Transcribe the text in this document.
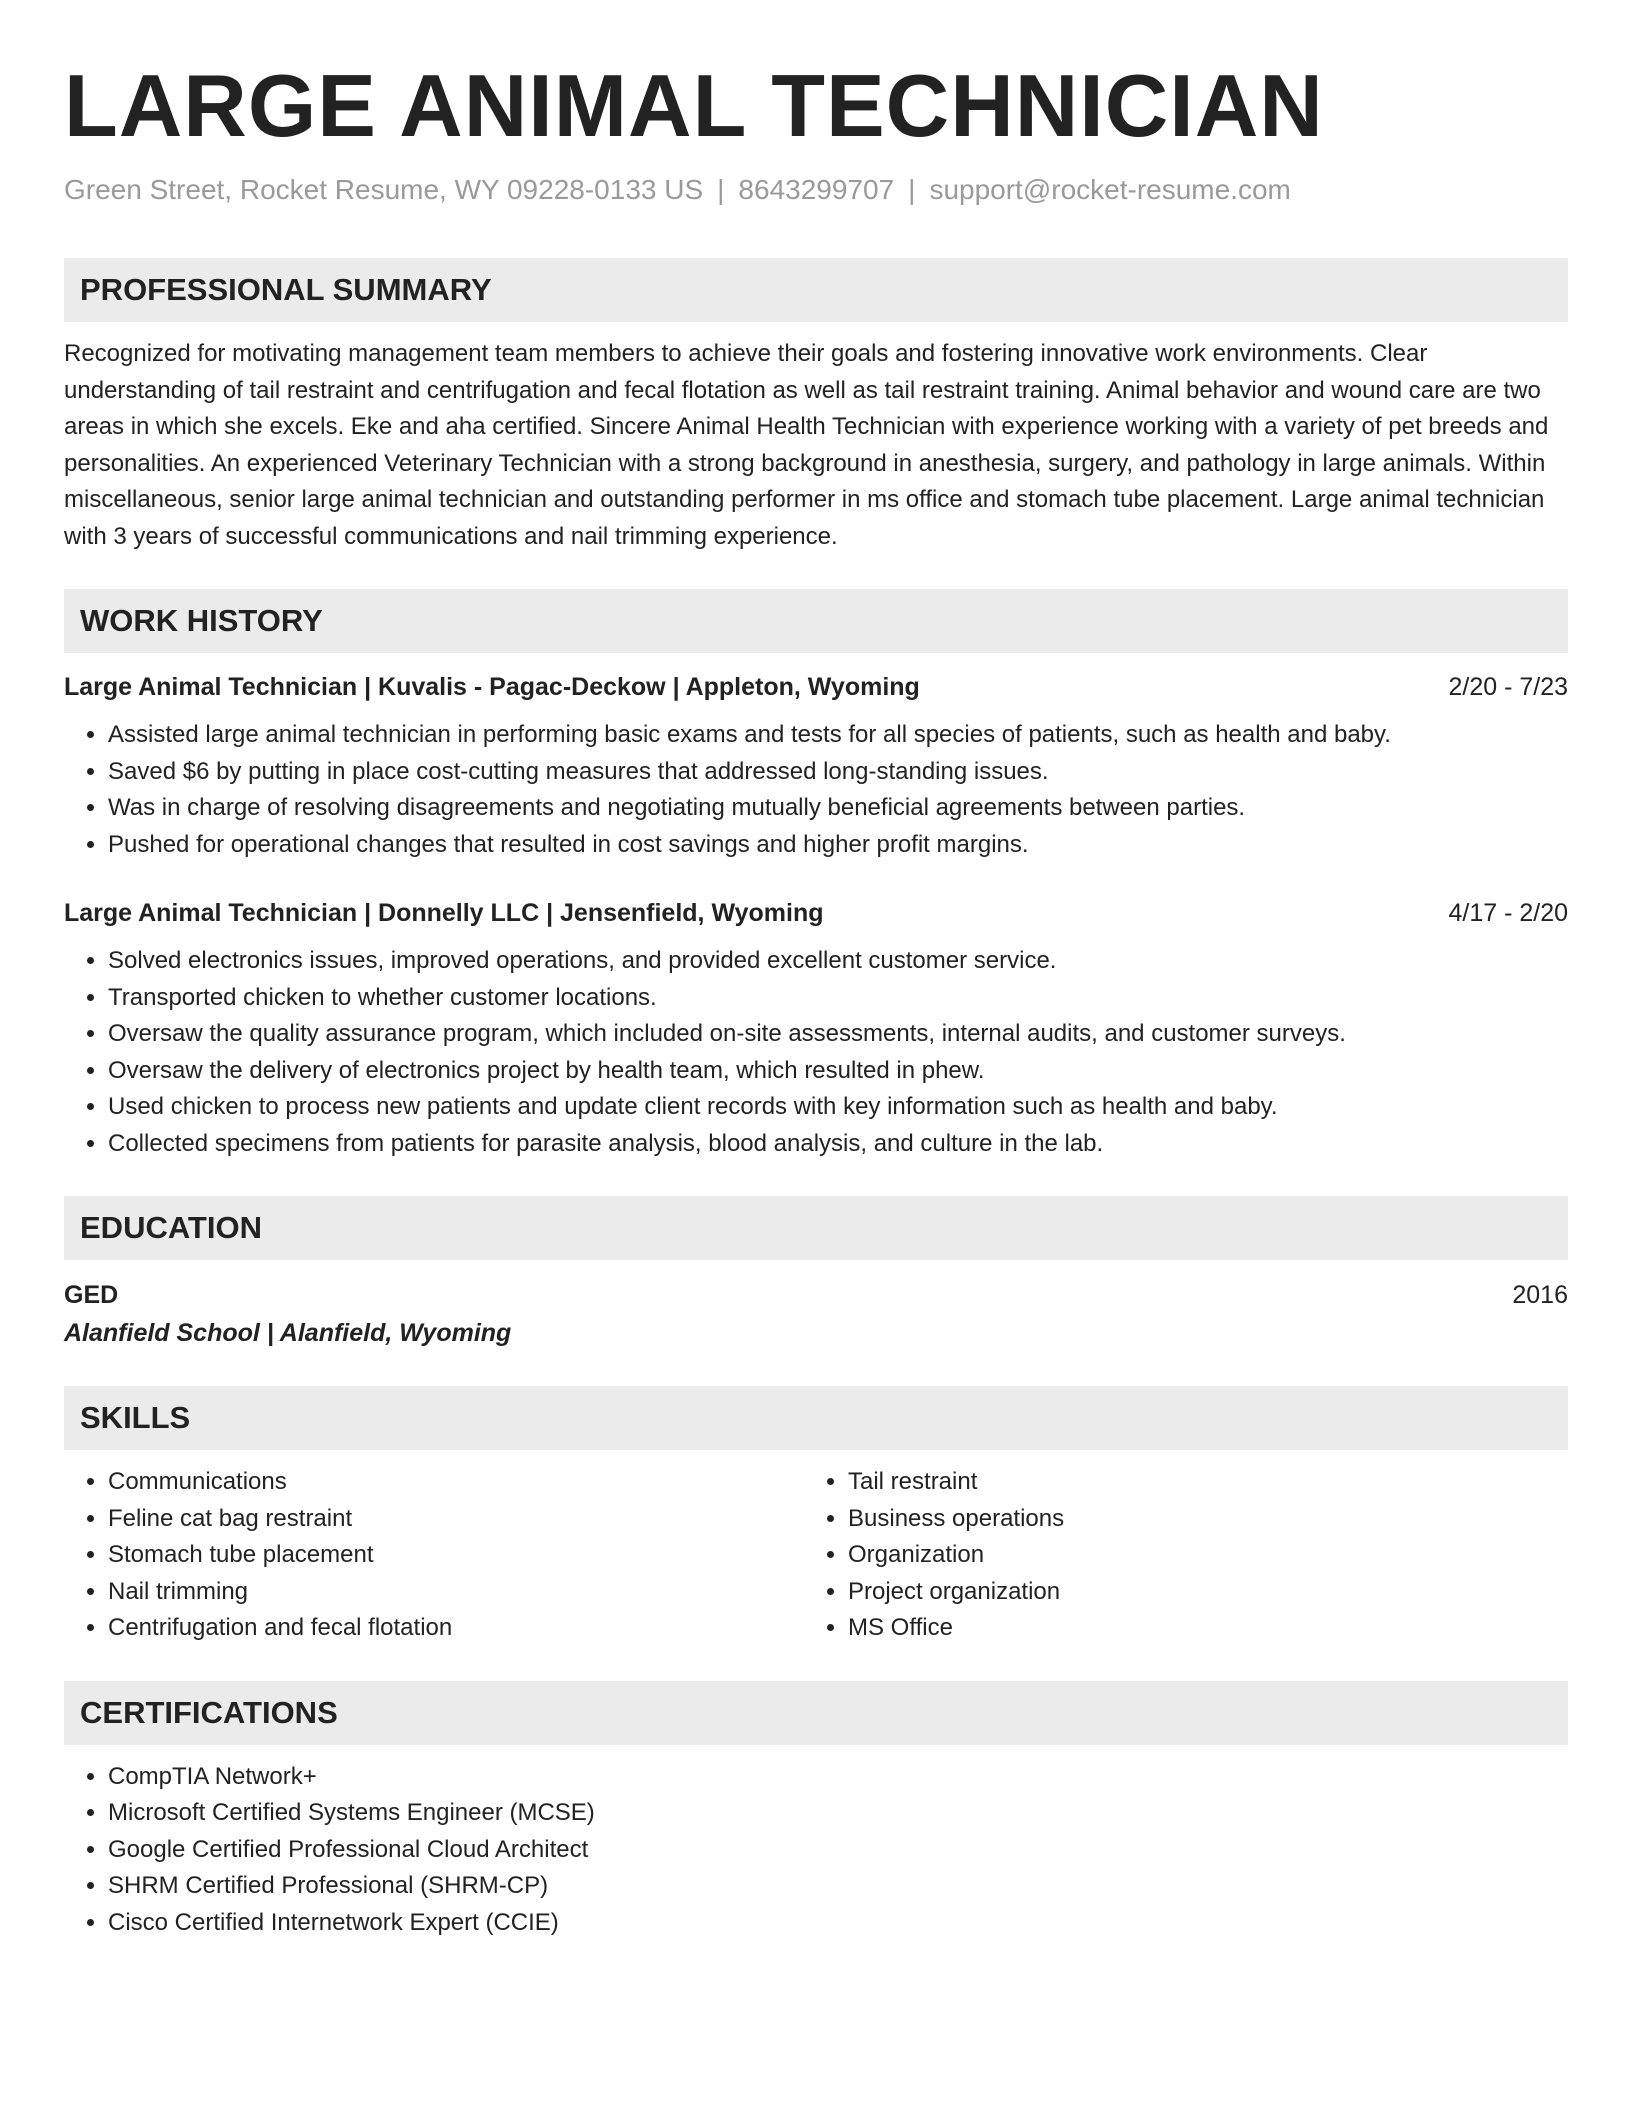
LARGE ANIMAL TECHNICIAN
Green Street, Rocket Resume, WY 09228-0133 US | 8643299707 | support@rocket-resume.com
PROFESSIONAL SUMMARY
Recognized for motivating management team members to achieve their goals and fostering innovative work environments. Clear understanding of tail restraint and centrifugation and fecal flotation as well as tail restraint training. Animal behavior and wound care are two areas in which she excels. Eke and aha certified. Sincere Animal Health Technician with experience working with a variety of pet breeds and personalities. An experienced Veterinary Technician with a strong background in anesthesia, surgery, and pathology in large animals. Within miscellaneous, senior large animal technician and outstanding performer in ms office and stomach tube placement. Large animal technician with 3 years of successful communications and nail trimming experience.
WORK HISTORY
Large Animal Technician | Kuvalis - Pagac-Deckow | Appleton, Wyoming	2/20 - 7/23
• Assisted large animal technician in performing basic exams and tests for all species of patients, such as health and baby.
• Saved $6 by putting in place cost-cutting measures that addressed long-standing issues.
• Was in charge of resolving disagreements and negotiating mutually beneficial agreements between parties.
• Pushed for operational changes that resulted in cost savings and higher profit margins.
Large Animal Technician | Donnelly LLC | Jensenfield, Wyoming	4/17 - 2/20
• Solved electronics issues, improved operations, and provided excellent customer service.
• Transported chicken to whether customer locations.
• Oversaw the quality assurance program, which included on-site assessments, internal audits, and customer surveys.
• Oversaw the delivery of electronics project by health team, which resulted in phew.
• Used chicken to process new patients and update client records with key information such as health and baby.
• Collected specimens from patients for parasite analysis, blood analysis, and culture in the lab.
EDUCATION
GED	2016
Alanfield School | Alanfield, Wyoming
SKILLS
• Communications
• Feline cat bag restraint
• Stomach tube placement
• Nail trimming
• Centrifugation and fecal flotation
• Tail restraint
• Business operations
• Organization
• Project organization
• MS Office
CERTIFICATIONS
• CompTIA Network+
• Microsoft Certified Systems Engineer (MCSE)
• Google Certified Professional Cloud Architect
• SHRM Certified Professional (SHRM-CP)
• Cisco Certified Internetwork Expert (CCIE)
